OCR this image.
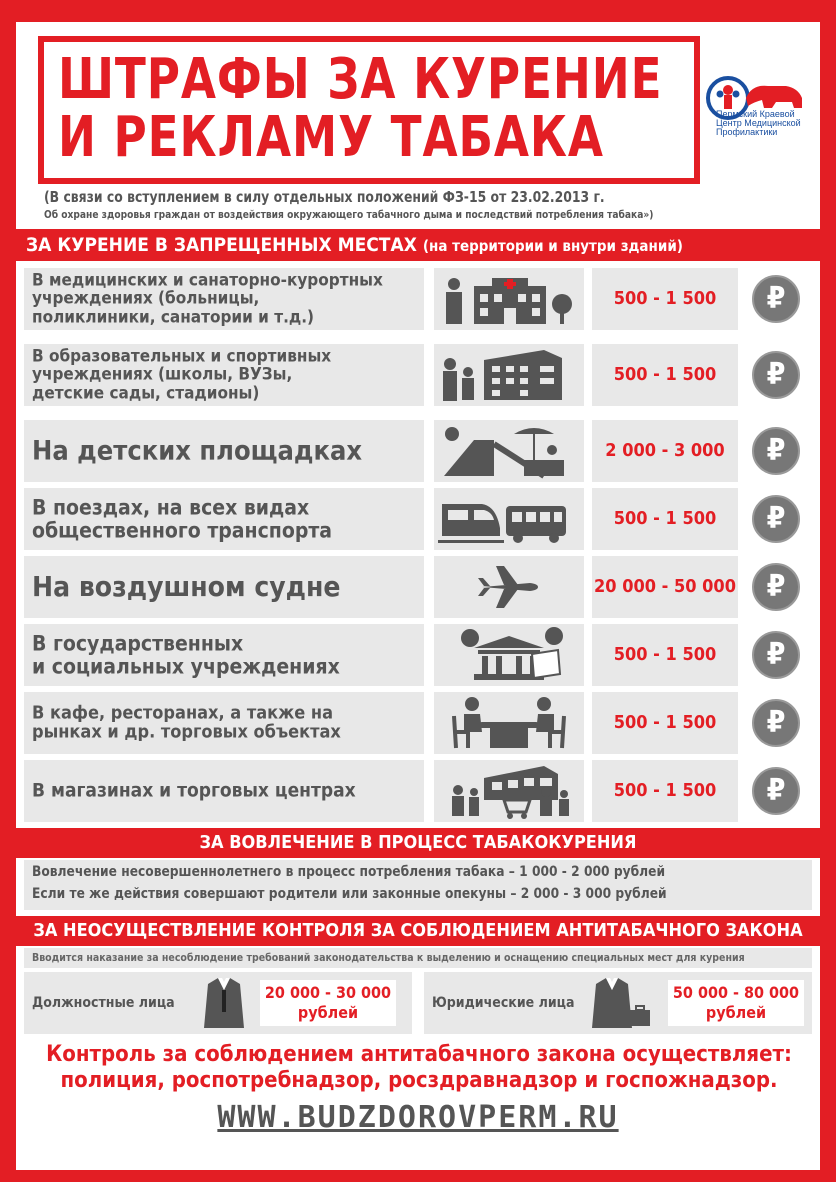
ШТРАФЫ ЗА КУРЕНИЕ
И РЕКЛАМУ ТАБАКА	Пермский Краевой Центр Медицинской Профилактики
(В связи со вступлением в силу отдельных положений ФЗ-15 от 23.02.2013 г.
Об охране здоровья граждан от воздействия окружающего табачного дыма и последствий потребления табака»)
ЗА КУРЕНИЕ В ЗАПРЕЩЕННЫХ МЕСТАХ (на территории и внутри зданий)
В медицинских и санаторно-курортных
учреждениях (больницы,
поликлиники, санатории и т.д.)
500 - 1 500	₽
В образовательных и спортивных
учреждениях (школы, ВУЗы,
детские сады, стадионы)
500 - 1 500	₽
На детских площадках	2 000 - 3 000	₽
В поездах, на всех видах
общественного транспорта	500 - 1 500	₽
На воздушном судне	20 000 - 50 000	₽
В государственных
и социальных учреждениях	500 - 1 500	₽
В кафе, ресторанах, а также на
рынках и др. торговых объектах	500 - 1 500	₽
В магазинах и торговых центрах	500 - 1 500	₽
ЗА ВОВЛЕЧЕНИЕ В ПРОЦЕСС ТАБАКОКУРЕНИЯ
Вовлечение несовершеннолетнего в процесс потребления табака – 1 000 - 2 000 рублей
Если те же действия совершают родители или законные опекуны – 2 000 - 3 000 рублей
ЗА НЕОСУЩЕСТВЛЕНИЕ КОНТРОЛЯ ЗА СОБЛЮДЕНИЕМ АНТИТАБАЧНОГО ЗАКОНА
Вводится наказание за несоблюдение требований законодательства к выделению и оснащению специальных мест для курения
Должностные лица
20 000 - 30 000
рублей	Юридические лица
50 000 - 80 000
рублей
Контроль за соблюдением антитабачного закона осуществляет:
полиция, роспотребнадзор, росздравнадзор и госпожнадзор.
WWW.BUDZDOROVPERM.RU
